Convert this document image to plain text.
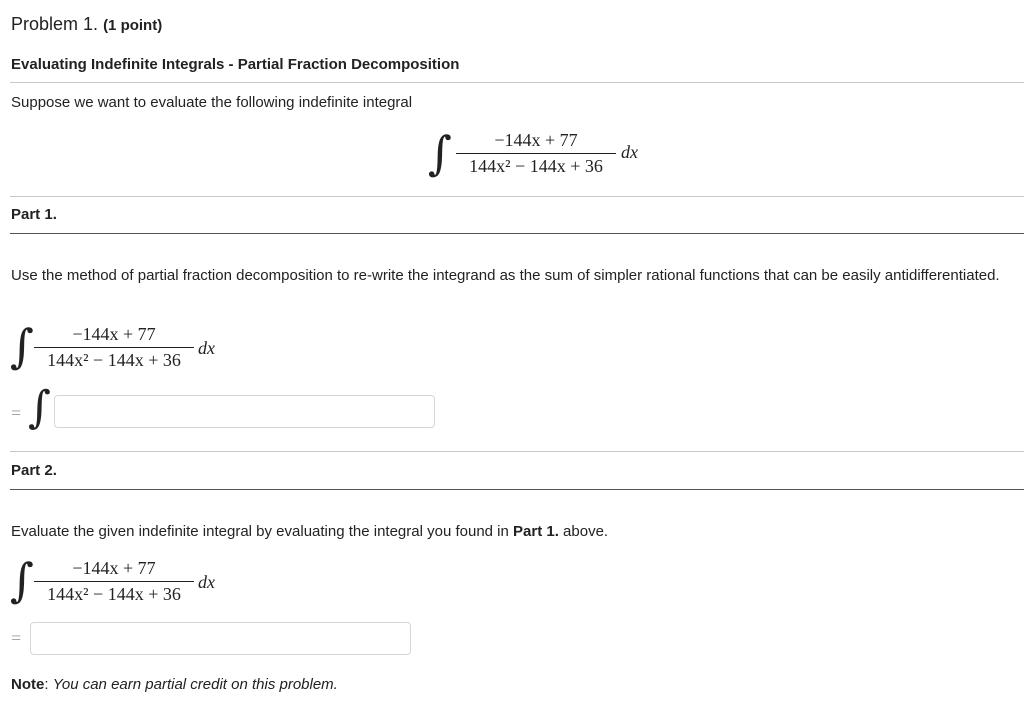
Problem 1. (1 point)
Evaluating Indefinite Integrals - Partial Fraction Decomposition
Suppose we want to evaluate the following indefinite integral
∫	−144x + 77
144x² − 144x + 36
dx
Part 1.
Use the method of partial fraction decomposition to re-write the integrand as the sum of simpler rational functions that can be easily antidifferentiated.
∫	−144x + 77
144x² − 144x + 36
dx
= ∫
Part 2.
Evaluate the given indefinite integral by evaluating the integral you found in Part 1. above.
∫	−144x + 77
144x² − 144x + 36
dx
=
Note: You can earn partial credit on this problem.
